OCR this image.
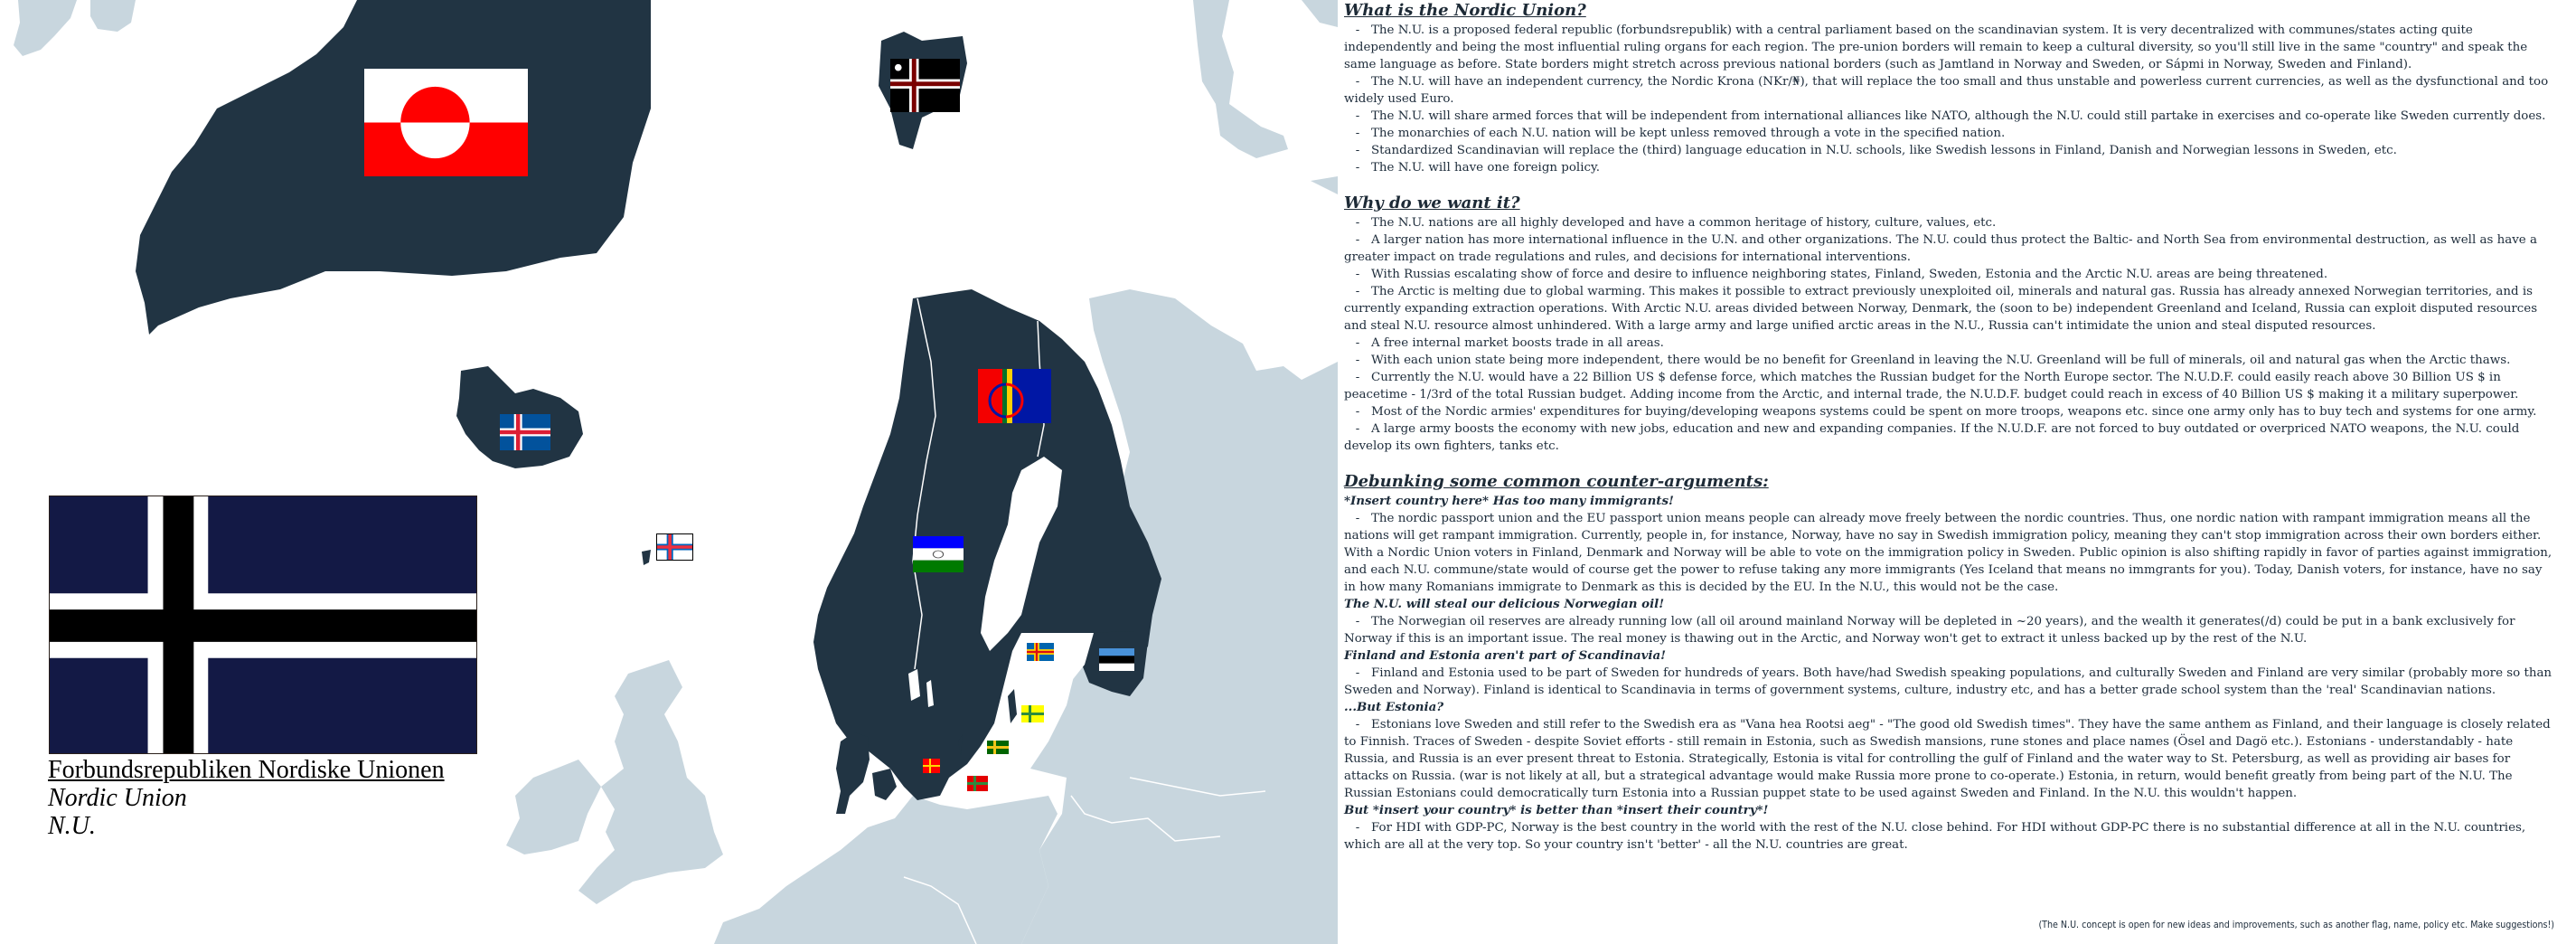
Forbundsrepubliken Nordiske Unionen
Nordic Union
N.U.
What is the Nordic Union?

- The N.U. is a proposed federal republic (forbundsrepublik) with a central parliament based on the scandinavian system. It is very decentralized with communes/states acting quite independently and being the most influential ruling organs for each region. The pre-union borders will remain to keep a cultural diversity, so you'll still live in the same "country" and speak the same language as before. State borders might stretch across previous national borders (such as Jamtland in Norway and Sweden, or Sápmi in Norway, Sweden and Finland).

- The N.U. will have an independent currency, the Nordic Krona (NKr/₦), that will replace the too small and thus unstable and powerless current currencies, as well as the dysfunctional and too widely used Euro.

- The N.U. will share armed forces that will be independent from international alliances like NATO, although the N.U. could still partake in exercises and co-operate like Sweden currently does.

- The monarchies of each N.U. nation will be kept unless removed through a vote in the specified nation.

- Standardized Scandinavian will replace the (third) language education in N.U. schools, like Swedish lessons in Finland, Danish and Norwegian lessons in Sweden, etc.

- The N.U. will have one foreign policy.

Why do we want it?

- The N.U. nations are all highly developed and have a common heritage of history, culture, values, etc.

- A larger nation has more international influence in the U.N. and other organizations. The N.U. could thus protect the Baltic- and North Sea from environmental destruction, as well as have a greater impact on trade regulations and rules, and decisions for international interventions.

- With Russias escalating show of force and desire to influence neighboring states, Finland, Sweden, Estonia and the Arctic N.U. areas are being threatened.

- The Arctic is melting due to global warming. This makes it possible to extract previously unexploited oil, minerals and natural gas. Russia has already annexed Norwegian territories, and is currently expanding extraction operations. With Arctic N.U. areas divided between Norway, Denmark, the (soon to be) independent Greenland and Iceland, Russia can exploit disputed resources and steal N.U. resource almost unhindered. With a large army and large unified arctic areas in the N.U., Russia can't intimidate the union and steal disputed resources.

- A free internal market boosts trade in all areas.

- With each union state being more independent, there would be no benefit for Greenland in leaving the N.U. Greenland will be full of minerals, oil and natural gas when the Arctic thaws.

- Currently the N.U. would have a 22 Billion US $ defense force, which matches the Russian budget for the North Europe sector. The N.U.D.F. could easily reach above 30 Billion US $ in peacetime - 1/3rd of the total Russian budget. Adding income from the Arctic, and internal trade, the N.U.D.F. budget could reach in excess of 40 Billion US $ making it a military superpower.

- Most of the Nordic armies' expenditures for buying/developing weapons systems could be spent on more troops, weapons etc. since one army only has to buy tech and systems for one army.

- A large army boosts the economy with new jobs, education and new and expanding companies. If the N.U.D.F. are not forced to buy outdated or overpriced NATO weapons, the N.U. could develop its own fighters, tanks etc.

Debunking some common counter-arguments:

*Insert country here* Has too many immigrants!

- The nordic passport union and the EU passport union means people can already move freely between the nordic countries. Thus, one nordic nation with rampant immigration means all the nations will get rampant immigration. Currently, people in, for instance, Norway, have no say in Swedish immigration policy, meaning they can't stop immigration across their own borders either. With a Nordic Union voters in Finland, Denmark and Norway will be able to vote on the immigration policy in Sweden. Public opinion is also shifting rapidly in favor of parties against immigration, and each N.U. commune/state would of course get the power to refuse taking any more immigrants (Yes Iceland that means no immgrants for you). Today, Danish voters, for instance, have no say in how many Romanians immigrate to Denmark as this is decided by the EU. In the N.U., this would not be the case.

The N.U. will steal our delicious Norwegian oil!

- The Norwegian oil reserves are already running low (all oil around mainland Norway will be depleted in ~20 years), and the wealth it generates(/d) could be put in a bank exclusively for Norway if this is an important issue. The real money is thawing out in the Arctic, and Norway won't get to extract it unless backed up by the rest of the N.U.

Finland and Estonia aren't part of Scandinavia!

- Finland and Estonia used to be part of Sweden for hundreds of years. Both have/had Swedish speaking populations, and culturally Sweden and Finland are very similar (probably more so than Sweden and Norway). Finland is identical to Scandinavia in terms of government systems, culture, industry etc, and has a better grade school system than the 'real' Scandinavian nations.

...But Estonia?

- Estonians love Sweden and still refer to the Swedish era as "Vana hea Rootsi aeg" - "The good old Swedish times". They have the same anthem as Finland, and their language is closely related to Finnish. Traces of Sweden - despite Soviet efforts - still remain in Estonia, such as Swedish mansions, rune stones and place names (Ösel and Dagö etc.). Estonians - understandably - hate Russia, and Russia is an ever present threat to Estonia. Strategically, Estonia is vital for controlling the gulf of Finland and the water way to St. Petersburg, as well as providing air bases for attacks on Russia. (war is not likely at all, but a strategical advantage would make Russia more prone to co-operate.) Estonia, in return, would benefit greatly from being part of the N.U. The Russian Estonians could democratically turn Estonia into a Russian puppet state to be used against Sweden and Finland. In the N.U. this wouldn't happen.

But *insert your country* is better than *insert their country*!

- For HDI with GDP-PC, Norway is the best country in the world with the rest of the N.U. close behind. For HDI without GDP-PC there is no substantial difference at all in the N.U. countries, which are all at the very top. So your country isn't 'better' - all the N.U. countries are great.

(The N.U. concept is open for new ideas and improvements, such as another flag, name, policy etc. Make suggestions!)
